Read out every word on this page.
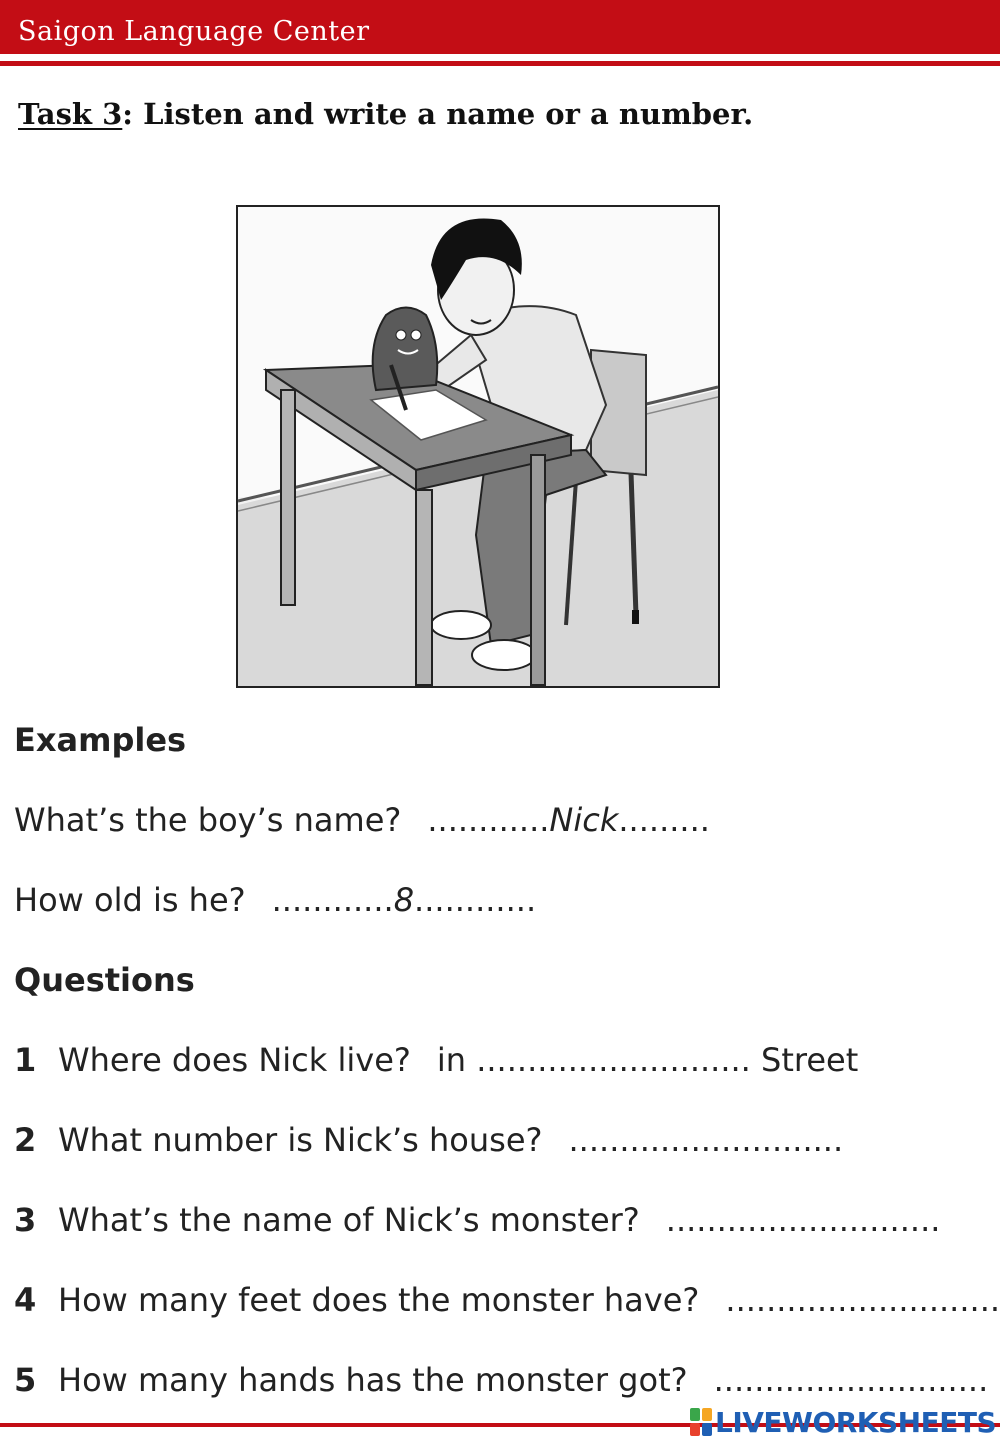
Saigon Language Center
Task 3: Listen and write a name or a number.
Examples
What’s the boy’s name? ............Nick.........
How old is he? ............8............
Questions
1 Where does Nick live? in ........................... Street
2 What number is Nick’s house? ...........................
3 What’s the name of Nick’s monster? ...........................
4 How many feet does the monster have? ...........................
5 How many hands has the monster got? ...........................
LIVEWORKSHEETS
